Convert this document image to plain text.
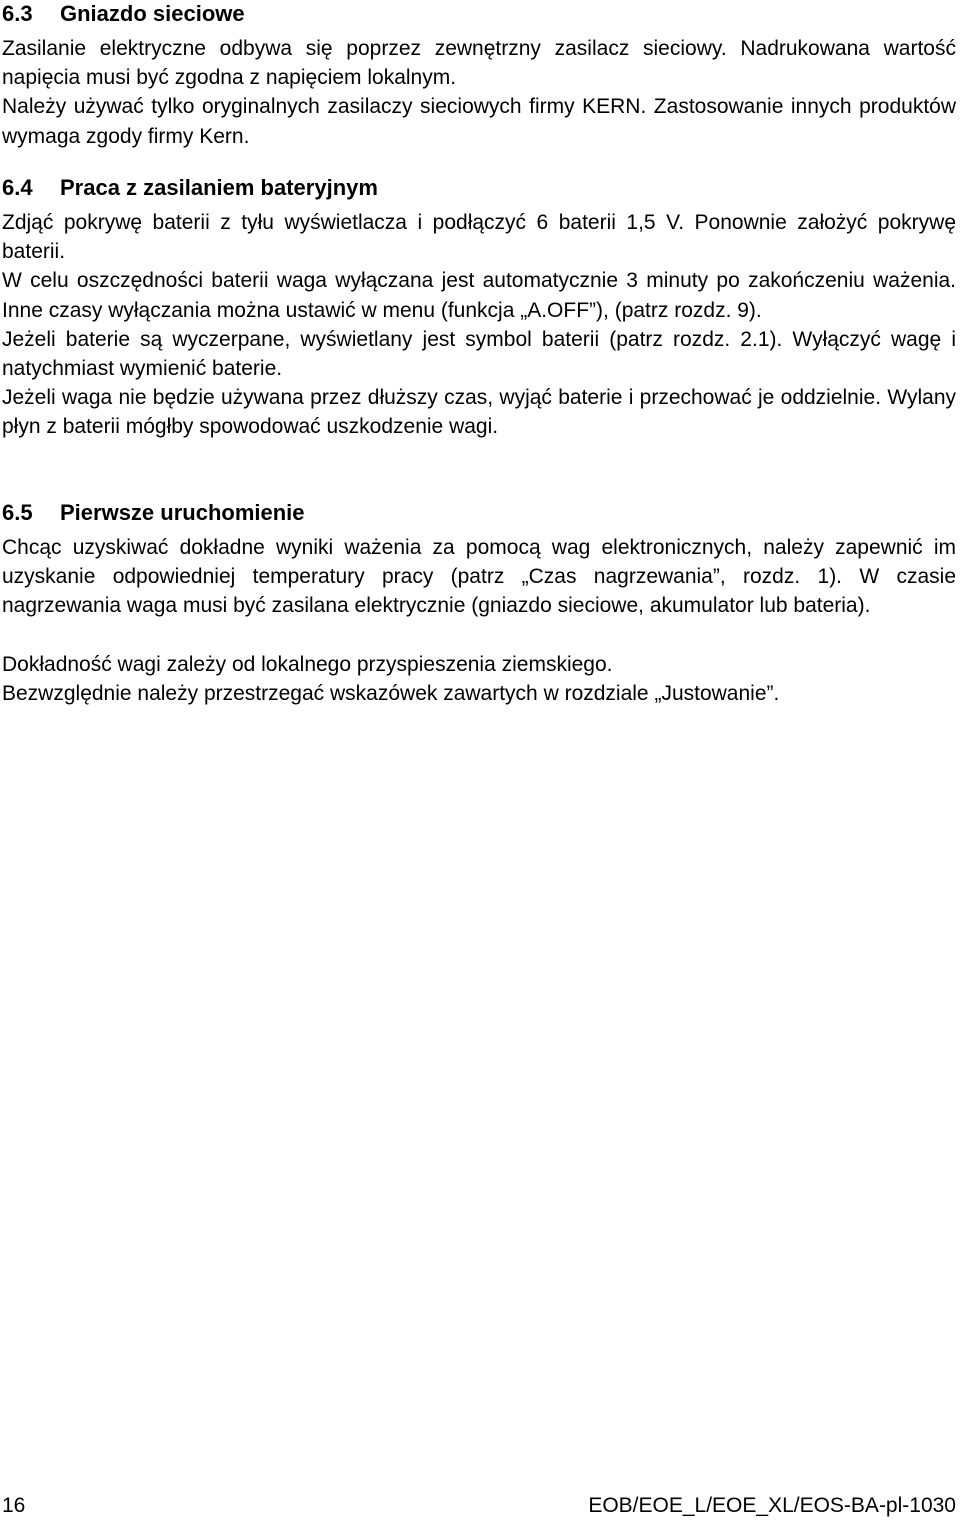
6.3 Gniazdo sieciowe

Zasilanie elektryczne odbywa się poprzez zewnętrzny zasilacz sieciowy. Nadrukowana wartość napięcia musi być zgodna z napięciem lokalnym.

Należy używać tylko oryginalnych zasilaczy sieciowych firmy KERN. Zastosowanie innych produktów wymaga zgody firmy Kern.

6.4 Praca z zasilaniem bateryjnym

Zdjąć pokrywę baterii z tyłu wyświetlacza i podłączyć 6 baterii 1,5 V. Ponownie założyć pokrywę baterii.

W celu oszczędności baterii waga wyłączana jest automatycznie 3 minuty po zakończeniu ważenia. Inne czasy wyłączania można ustawić w menu (funkcja „A.OFF”), (patrz rozdz. 9).

Jeżeli baterie są wyczerpane, wyświetlany jest symbol baterii (patrz rozdz. 2.1). Wyłączyć wagę i natychmiast wymienić baterie.

Jeżeli waga nie będzie używana przez dłuższy czas, wyjąć baterie i przechować je oddzielnie. Wylany płyn z baterii mógłby spowodować uszkodzenie wagi.

6.5 Pierwsze uruchomienie

Chcąc uzyskiwać dokładne wyniki ważenia za pomocą wag elektronicznych, należy zapewnić im uzyskanie odpowiedniej temperatury pracy (patrz „Czas nagrzewania”, rozdz. 1). W czasie nagrzewania waga musi być zasilana elektrycznie (gniazdo sieciowe, akumulator lub bateria).

Dokładność wagi zależy od lokalnego przyspieszenia ziemskiego.

Bezwzględnie należy przestrzegać wskazówek zawartych w rozdziale „Justowanie”.

16	EOB/EOE_L/EOE_XL/EOS-BA-pl-1030
